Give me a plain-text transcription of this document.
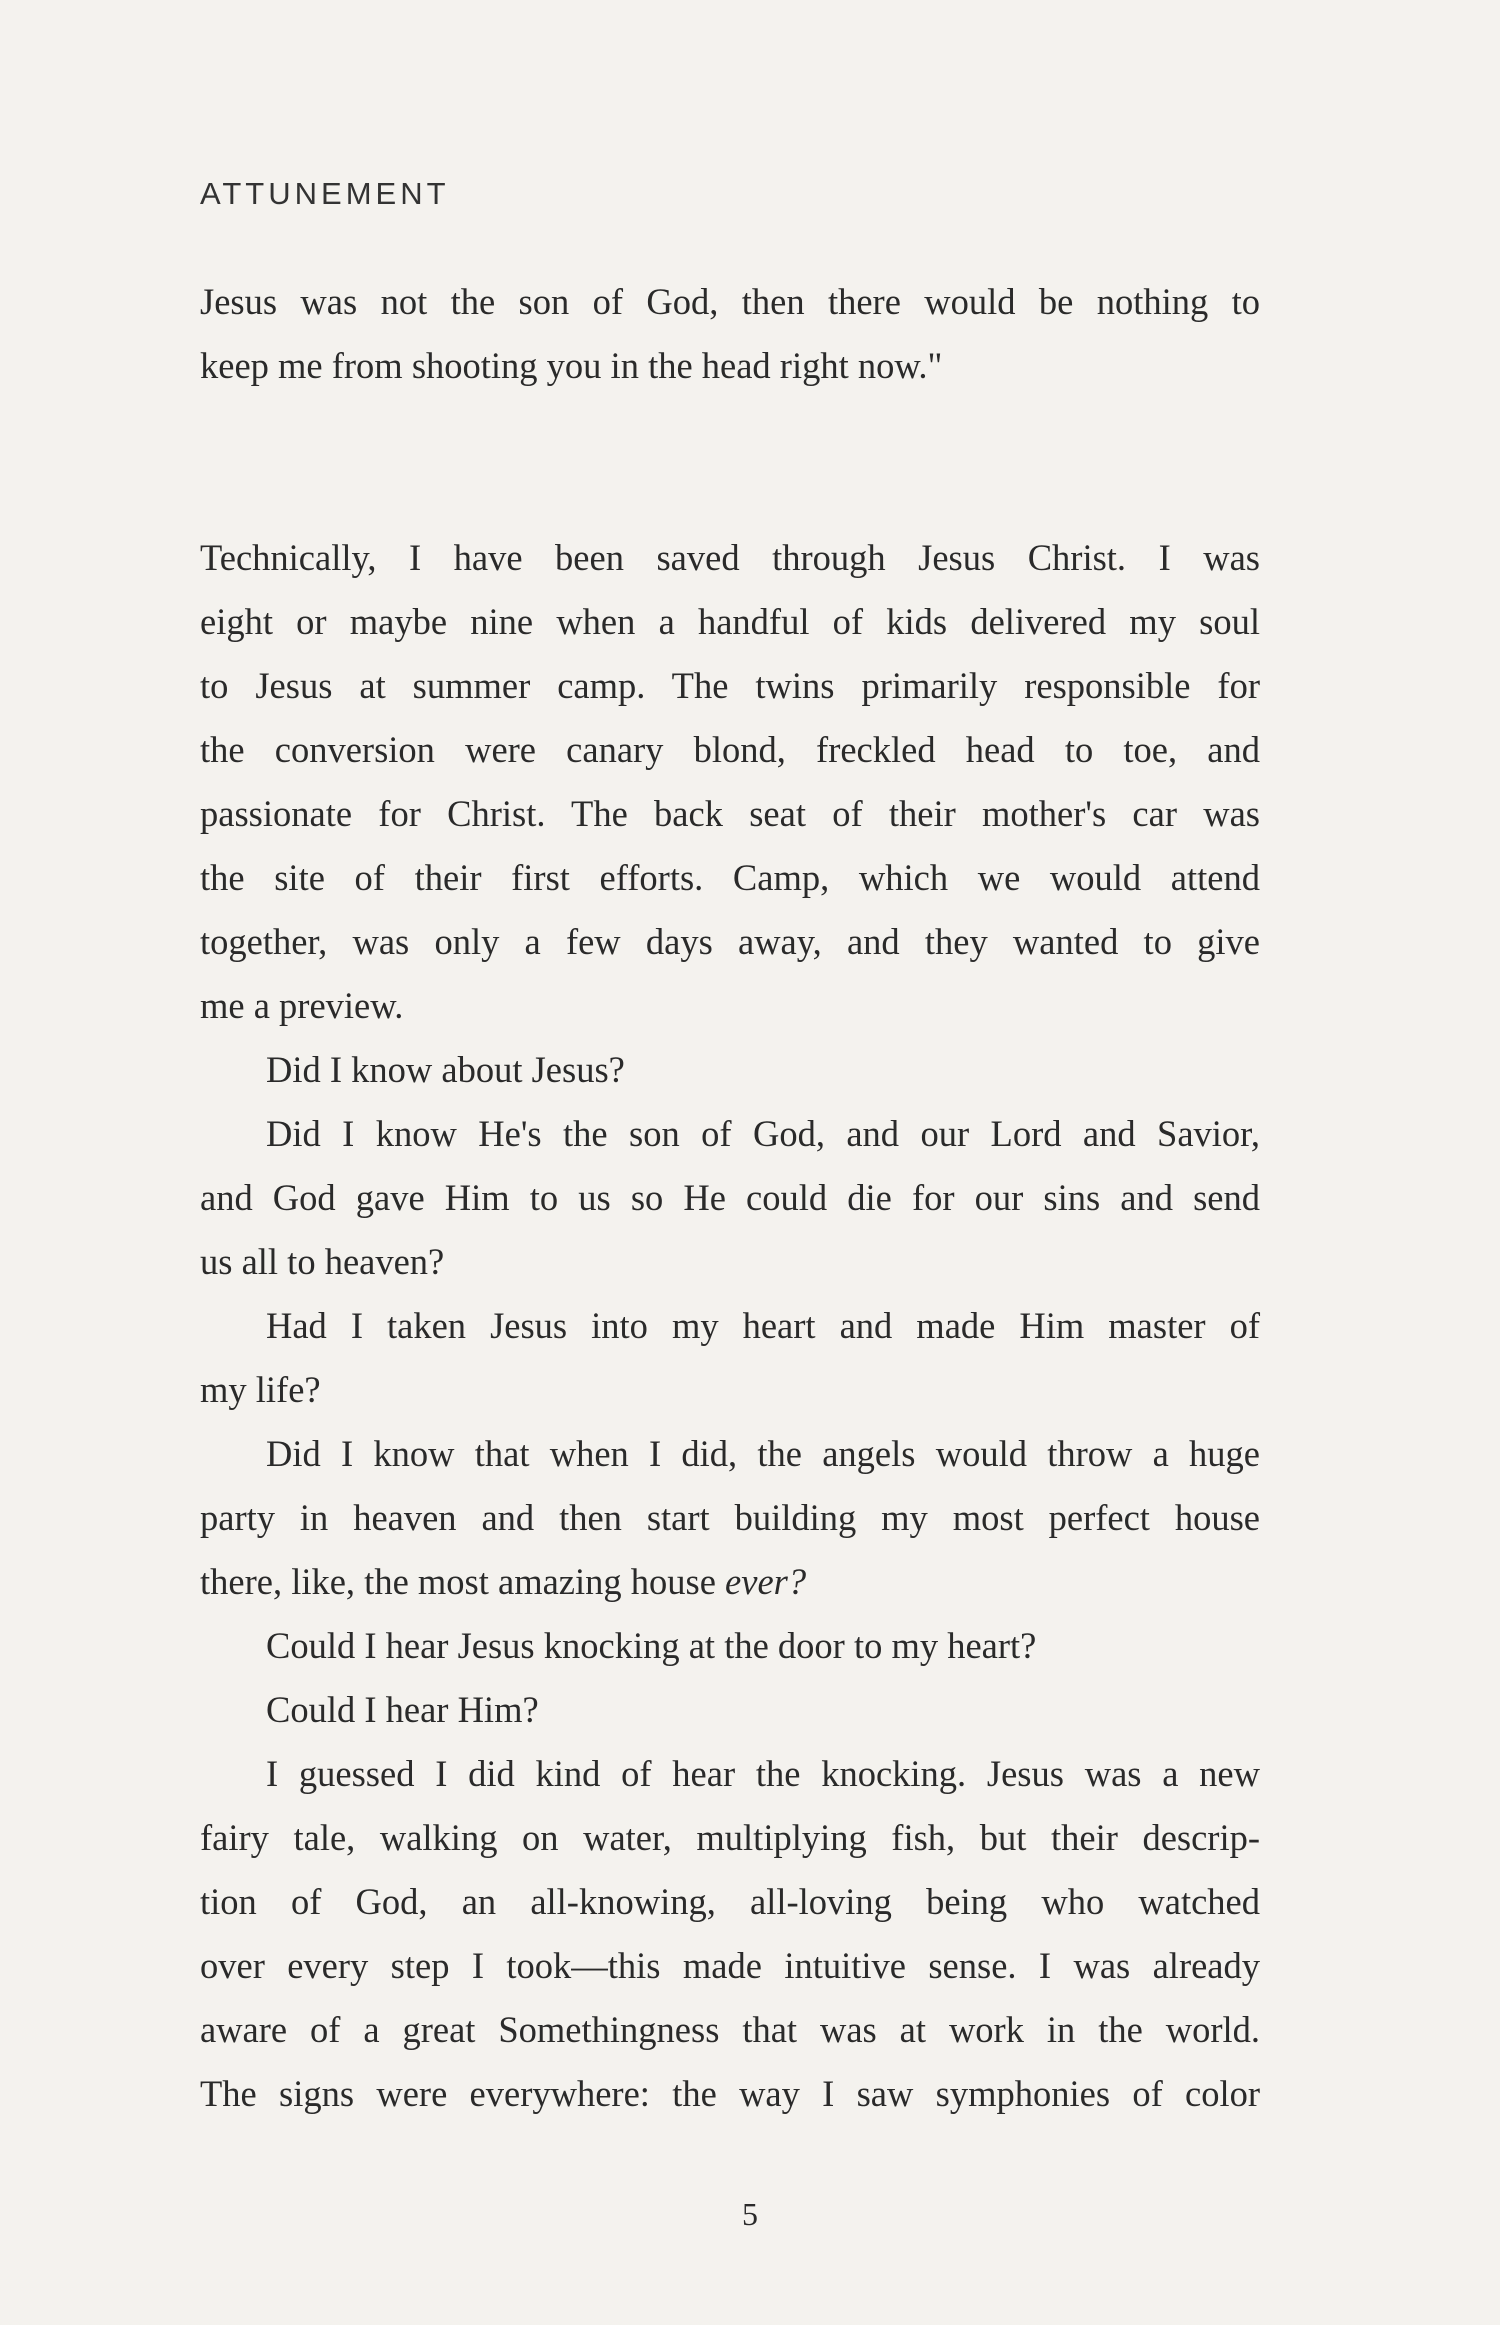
ATTUNEMENT

Jesus was not the son of God, then there would be nothing to

keep me from shooting you in the head right now."

Technically, I have been saved through Jesus Christ. I was

eight or maybe nine when a handful of kids delivered my soul

to Jesus at summer camp. The twins primarily responsible for

the conversion were canary blond, freckled head to toe, and

passionate for Christ. The back seat of their mother's car was

the site of their first efforts. Camp, which we would attend

together, was only a few days away, and they wanted to give

me a preview.

Did I know about Jesus?

Did I know He's the son of God, and our Lord and Savior,

and God gave Him to us so He could die for our sins and send

us all to heaven?

Had I taken Jesus into my heart and made Him master of

my life?

Did I know that when I did, the angels would throw a huge

party in heaven and then start building my most perfect house

there, like, the most amazing house ever?

Could I hear Jesus knocking at the door to my heart?

Could I hear Him?

I guessed I did kind of hear the knocking. Jesus was a new

fairy tale, walking on water, multiplying fish, but their descrip-

tion of God, an all-knowing, all-loving being who watched

over every step I took—this made intuitive sense. I was already

aware of a great Somethingness that was at work in the world.

The signs were everywhere: the way I saw symphonies of color

5
